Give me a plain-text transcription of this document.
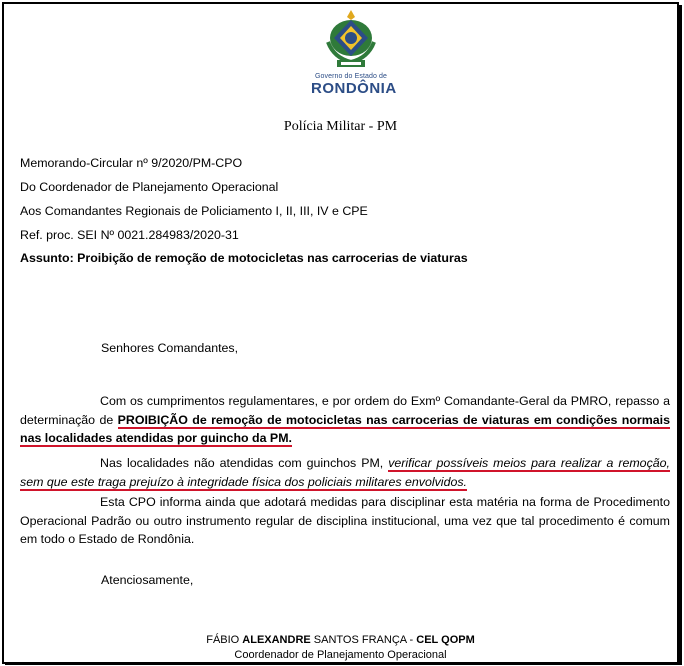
Governo do Estado de
RONDÔNIA
Polícia Militar - PM
Memorando-Circular nº 9/2020/PM-CPO
Do Coordenador de Planejamento Operacional
Aos Comandantes Regionais de Policiamento I, II, III, IV e CPE
Ref. proc. SEI Nº 0021.284983/2020-31
Assunto: Proibição de remoção de motocicletas nas carrocerias de viaturas
Senhores Comandantes,
Com os cumprimentos regulamentares, e por ordem do Exmº Comandante-Geral da PMRO, repasso a determinação de PROIBIÇÃO de remoção de motocicletas nas carrocerias de viaturas em condições normais nas localidades atendidas por guincho da PM.
Nas localidades não atendidas com guinchos PM, verificar possíveis meios para realizar a remoção, sem que este traga prejuízo à integridade física dos policiais militares envolvidos.
Esta CPO informa ainda que adotará medidas para disciplinar esta matéria na forma de Procedimento Operacional Padrão ou outro instrumento regular de disciplina institucional, uma vez que tal procedimento é comum em todo o Estado de Rondônia.
Atenciosamente,
FÁBIO ALEXANDRE SANTOS FRANÇA - CEL QOPM
Coordenador de Planejamento Operacional
